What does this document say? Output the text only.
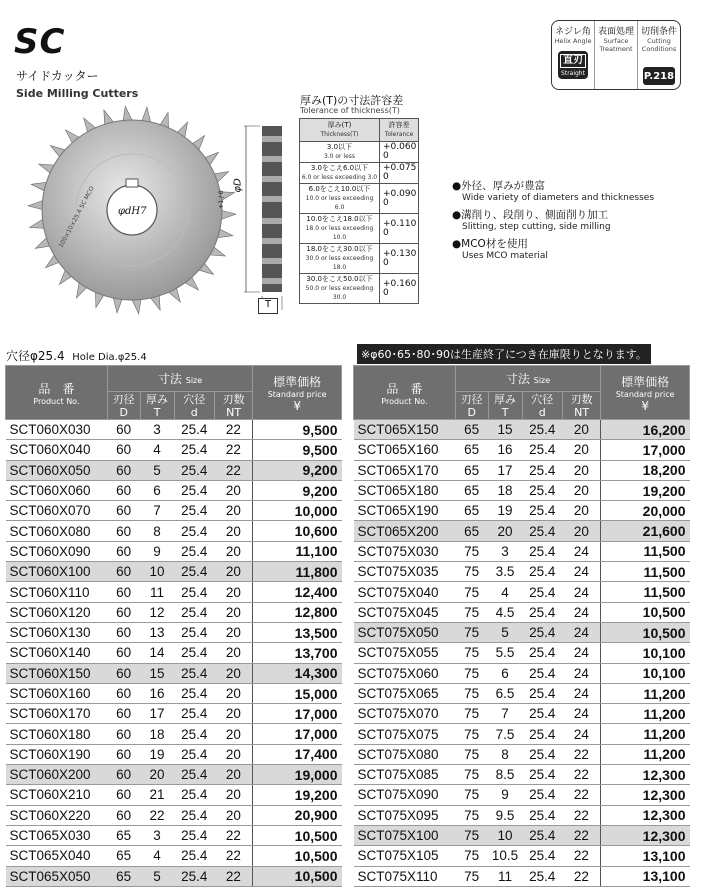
SC
サイドカッター
Side Milling Cutters
ネジレ角
Helix Angle
直刃
Straight
表面処理
Surface Treatment
切削条件
Cutting Conditions
P.218
φdH7
100×10×25.4 SC MCO	φD
+1 / 0
T
厚み(T)の寸法許容差
Tolerance of thickness(T)
厚み(T)
Thickness(T)	許容差
Tolerance

3.0以下
3.0 or less	+0.060
0
3.0をこえ6.0以下
6.0 or less exceeding 3.0	+0.075
0
6.0をこえ10.0以下
10.0 or less exceeding 6.0	+0.090
0
10.0をこえ18.0以下
18.0 or less exceeding 10.0	+0.110
0
18.0をこえ30.0以下
30.0 or less exceeding 18.0	+0.130
0
30.0をこえ50.0以下
50.0 or less exceeding 30.0	+0.160
0
●外径、厚みが豊富
Wide variety of diameters and thicknesses
●溝削り、段削り、側面削り加工
Slitting, step cutting, side milling
●MCO材を使用
Uses MCO material
穴径φ25.4 Hole Dia.φ25.4	※φ60･65･80･90は生産終了につき在庫限りとなります。
品　番
Product No.	寸法 Size				標準価格
Standard price
¥
	刃径
D	厚み
T	穴径
d	刃数
NT	
SCT060X030	60	3	25.4	22	9,500
SCT060X040	60	4	25.4	22	9,500
SCT060X050	60	5	25.4	22	9,200
SCT060X060	60	6	25.4	20	9,200
SCT060X070	60	7	25.4	20	10,000
SCT060X080	60	8	25.4	20	10,600
SCT060X090	60	9	25.4	20	11,100
SCT060X100	60	10	25.4	20	11,800
SCT060X110	60	11	25.4	20	12,400
SCT060X120	60	12	25.4	20	12,800
SCT060X130	60	13	25.4	20	13,500
SCT060X140	60	14	25.4	20	13,700
SCT060X150	60	15	25.4	20	14,300
SCT060X160	60	16	25.4	20	15,000
SCT060X170	60	17	25.4	20	17,000
SCT060X180	60	18	25.4	20	17,000
SCT060X190	60	19	25.4	20	17,400
SCT060X200	60	20	25.4	20	19,000
SCT060X210	60	21	25.4	20	19,200
SCT060X220	60	22	25.4	20	20,900
SCT065X030	65	3	25.4	22	10,500
SCT065X040	65	4	25.4	22	10,500
SCT065X050	65	5	25.4	22	10,500
品　番
Product No.	寸法 Size				標準価格
Standard price
¥
	刃径
D	厚み
T	穴径
d	刃数
NT	
SCT065X150	65	15	25.4	20	16,200
SCT065X160	65	16	25.4	20	17,000
SCT065X170	65	17	25.4	20	18,200
SCT065X180	65	18	25.4	20	19,200
SCT065X190	65	19	25.4	20	20,000
SCT065X200	65	20	25.4	20	21,600
SCT075X030	75	3	25.4	24	11,500
SCT075X035	75	3.5	25.4	24	11,500
SCT075X040	75	4	25.4	24	11,500
SCT075X045	75	4.5	25.4	24	10,500
SCT075X050	75	5	25.4	24	10,500
SCT075X055	75	5.5	25.4	24	10,100
SCT075X060	75	6	25.4	24	10,100
SCT075X065	75	6.5	25.4	24	11,200
SCT075X070	75	7	25.4	24	11,200
SCT075X075	75	7.5	25.4	24	11,200
SCT075X080	75	8	25.4	22	11,200
SCT075X085	75	8.5	25.4	22	12,300
SCT075X090	75	9	25.4	22	12,300
SCT075X095	75	9.5	25.4	22	12,300
SCT075X100	75	10	25.4	22	12,300
SCT075X105	75	10.5	25.4	22	13,100
SCT075X110	75	11	25.4	22	13,100
